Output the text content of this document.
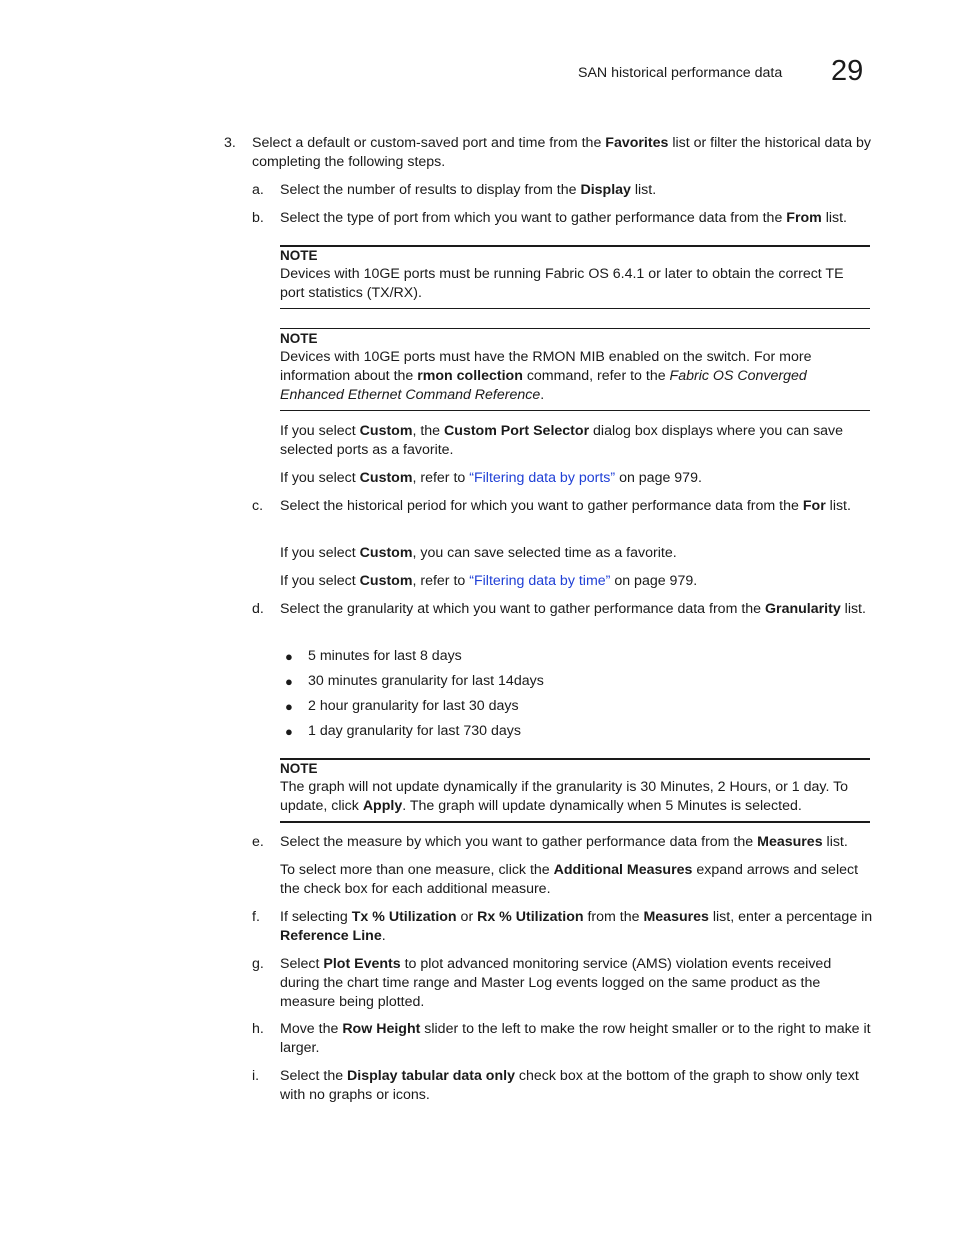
SAN historical performance data 29
3. Select a default or custom-saved port and time from the Favorites list or filter the historical data by completing the following steps.
a. Select the number of results to display from the Display list.
b. Select the type of port from which you want to gather performance data from the From list.
NOTE
Devices with 10GE ports must be running Fabric OS 6.4.1 or later to obtain the correct TE port statistics (TX/RX).
NOTE
Devices with 10GE ports must have the RMON MIB enabled on the switch. For more information about the rmon collection command, refer to the Fabric OS Converged Enhanced Ethernet Command Reference.
If you select Custom, the Custom Port Selector dialog box displays where you can save selected ports as a favorite.
If you select Custom, refer to “Filtering data by ports” on page 979.
c. Select the historical period for which you want to gather performance data from the For list.
If you select Custom, you can save selected time as a favorite.
If you select Custom, refer to “Filtering data by time” on page 979.
d. Select the granularity at which you want to gather performance data from the Granularity list.
● 5 minutes for last 8 days
● 30 minutes granularity for last 14days
● 2 hour granularity for last 30 days
● 1 day granularity for last 730 days
NOTE
The graph will not update dynamically if the granularity is 30 Minutes, 2 Hours, or 1 day. To update, click Apply. The graph will update dynamically when 5 Minutes is selected.
e. Select the measure by which you want to gather performance data from the Measures list.
To select more than one measure, click the Additional Measures expand arrows and select the check box for each additional measure.
f. If selecting Tx % Utilization or Rx % Utilization from the Measures list, enter a percentage in Reference Line.
g. Select Plot Events to plot advanced monitoring service (AMS) violation events received during the chart time range and Master Log events logged on the same product as the measure being plotted.
h. Move the Row Height slider to the left to make the row height smaller or to the right to make it larger.
i. Select the Display tabular data only check box at the bottom of the graph to show only text with no graphs or icons.
